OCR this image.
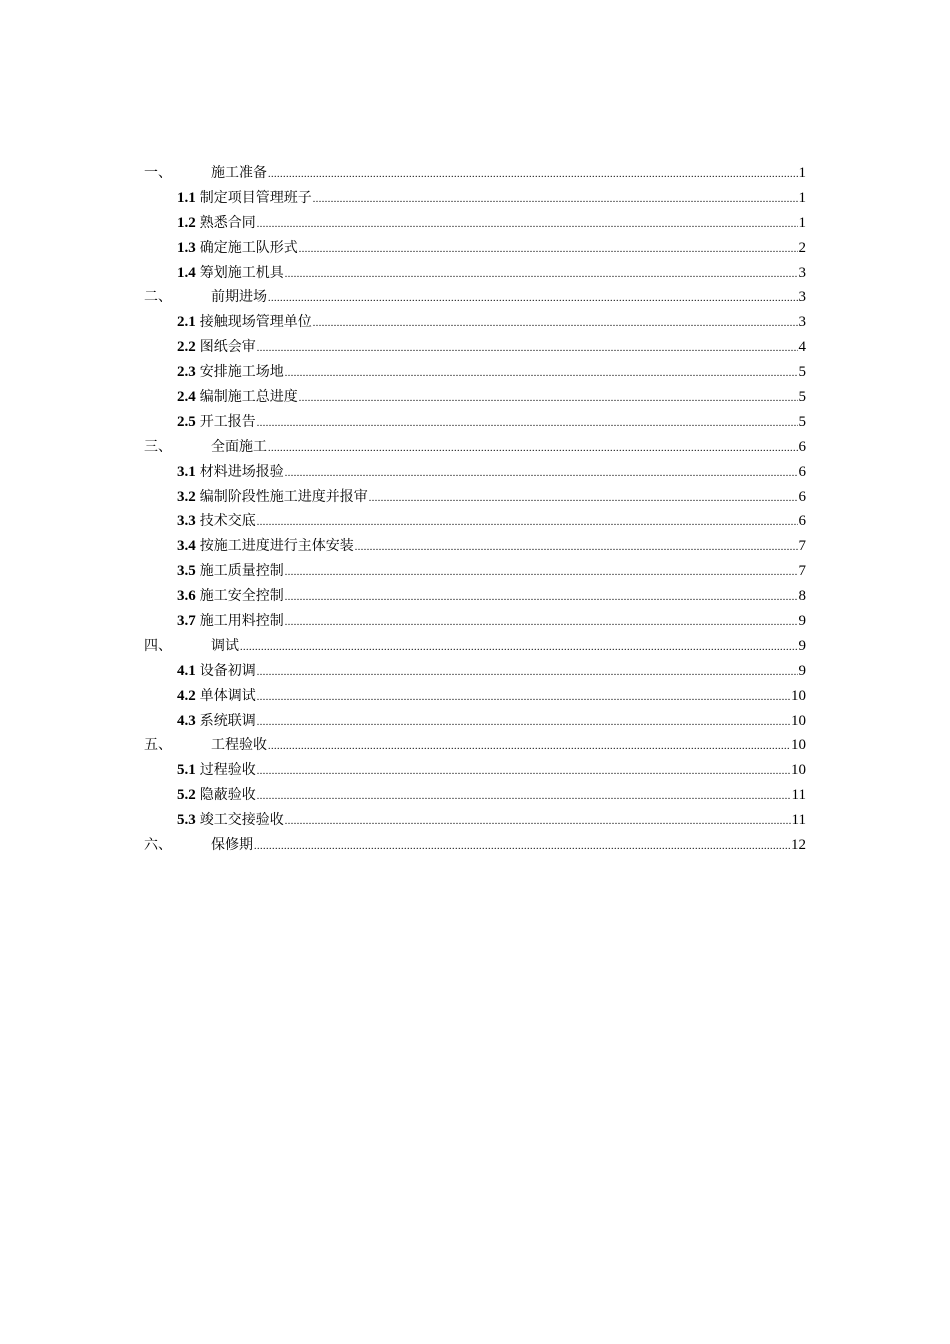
一、	施工准备 .....	1
1.1 制定项目管理班子 .....	1
1.2 熟悉合同 .....	1
1.3 确定施工队形式 .....	2
1.4 筹划施工机具 .....	3
二、	前期进场 .....	3
2.1 接触现场管理单位 .....	3
2.2 图纸会审 .....	4
2.3 安排施工场地 .....	5
2.4 编制施工总进度 .....	5
2.5 开工报告 .....	5
三、	全面施工 .....	6
3.1 材料进场报验 .....	6
3.2 编制阶段性施工进度并报审 .....	6
3.3 技术交底 .....	6
3.4 按施工进度进行主体安装 .....	7
3.5 施工质量控制 .....	7
3.6 施工安全控制 .....	8
3.7 施工用料控制 .....	9
四、	调试 .....	9
4.1 设备初调 .....	9
4.2 单体调试 .....	10
4.3 系统联调 .....	10
五、	工程验收 .....	10
5.1 过程验收 .....	10
5.2 隐蔽验收 .....	11
5.3 竣工交接验收 .....	11
六、	保修期 .....	12
